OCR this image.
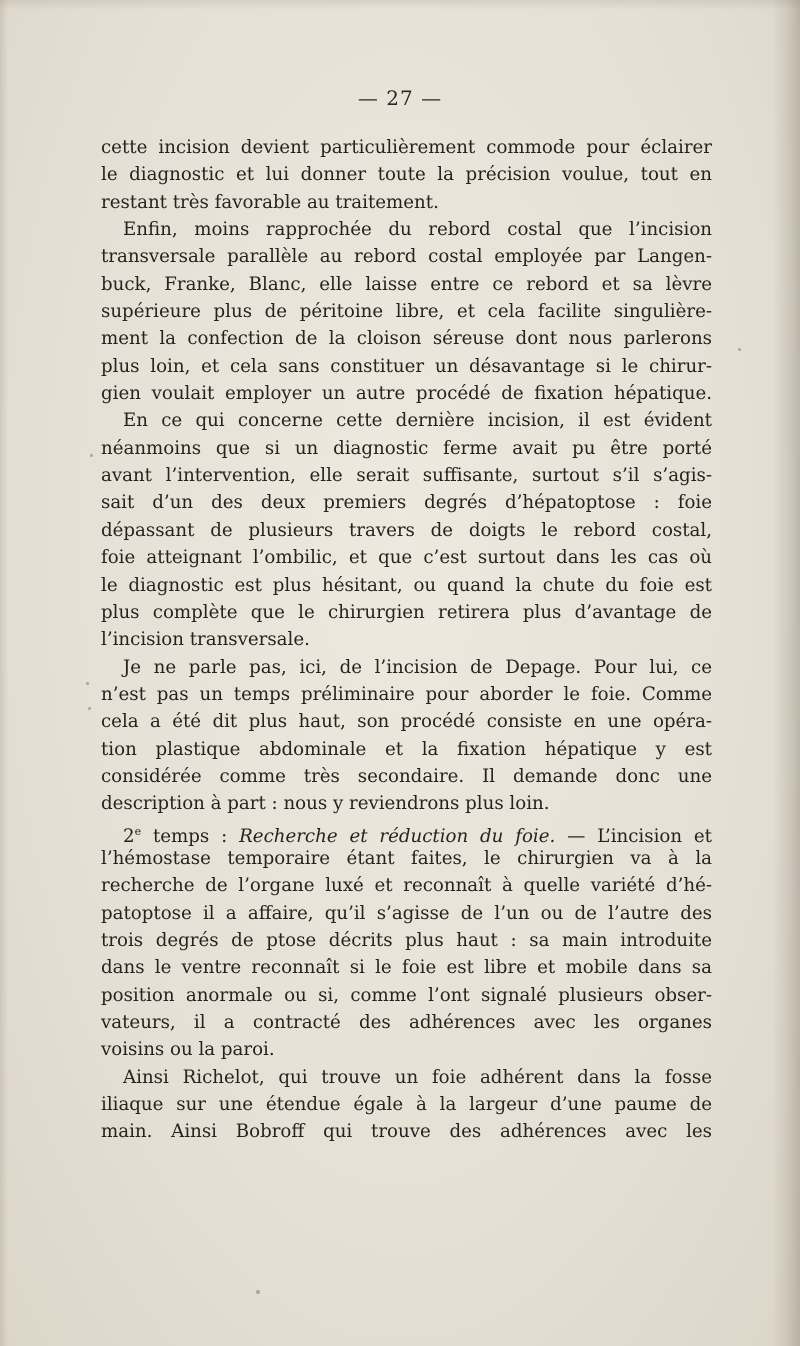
— 27 —
cette incision devient particulièrement commode pour éclairer
le diagnostic et lui donner toute la précision voulue, tout en
restant très favorable au traitement.
Enfin, moins rapprochée du rebord costal que l’incision
transversale parallèle au rebord costal employée par Langen-
buck, Franke, Blanc, elle laisse entre ce rebord et sa lèvre
supérieure plus de péritoine libre, et cela facilite singulière-
ment la confection de la cloison séreuse dont nous parlerons
plus loin, et cela sans constituer un désavantage si le chirur-
gien voulait employer un autre procédé de fixation hépatique.
En ce qui concerne cette dernière incision, il est évident
néanmoins que si un diagnostic ferme avait pu être porté
avant l’intervention, elle serait suffisante, surtout s’il s’agis-
sait d’un des deux premiers degrés d’hépatoptose : foie
dépassant de plusieurs travers de doigts le rebord costal,
foie atteignant l’ombilic, et que c’est surtout dans les cas où
le diagnostic est plus hésitant, ou quand la chute du foie est
plus complète que le chirurgien retirera plus d’avantage de
l’incision transversale.
Je ne parle pas, ici, de l’incision de Depage. Pour lui, ce
n’est pas un temps préliminaire pour aborder le foie. Comme
cela a été dit plus haut, son procédé consiste en une opéra-
tion plastique abdominale et la fixation hépatique y est
considérée comme très secondaire. Il demande donc une
description à part : nous y reviendrons plus loin.
2e temps : Recherche et réduction du foie. — L’incision et
l’hémostase temporaire étant faites, le chirurgien va à la
recherche de l’organe luxé et reconnaît à quelle variété d’hé-
patoptose il a affaire, qu’il s’agisse de l’un ou de l’autre des
trois degrés de ptose décrits plus haut : sa main introduite
dans le ventre reconnaît si le foie est libre et mobile dans sa
position anormale ou si, comme l’ont signalé plusieurs obser-
vateurs, il a contracté des adhérences avec les organes
voisins ou la paroi.
Ainsi Richelot, qui trouve un foie adhérent dans la fosse
iliaque sur une étendue égale à la largeur d’une paume de
main. Ainsi Bobroff qui trouve des adhérences avec les
